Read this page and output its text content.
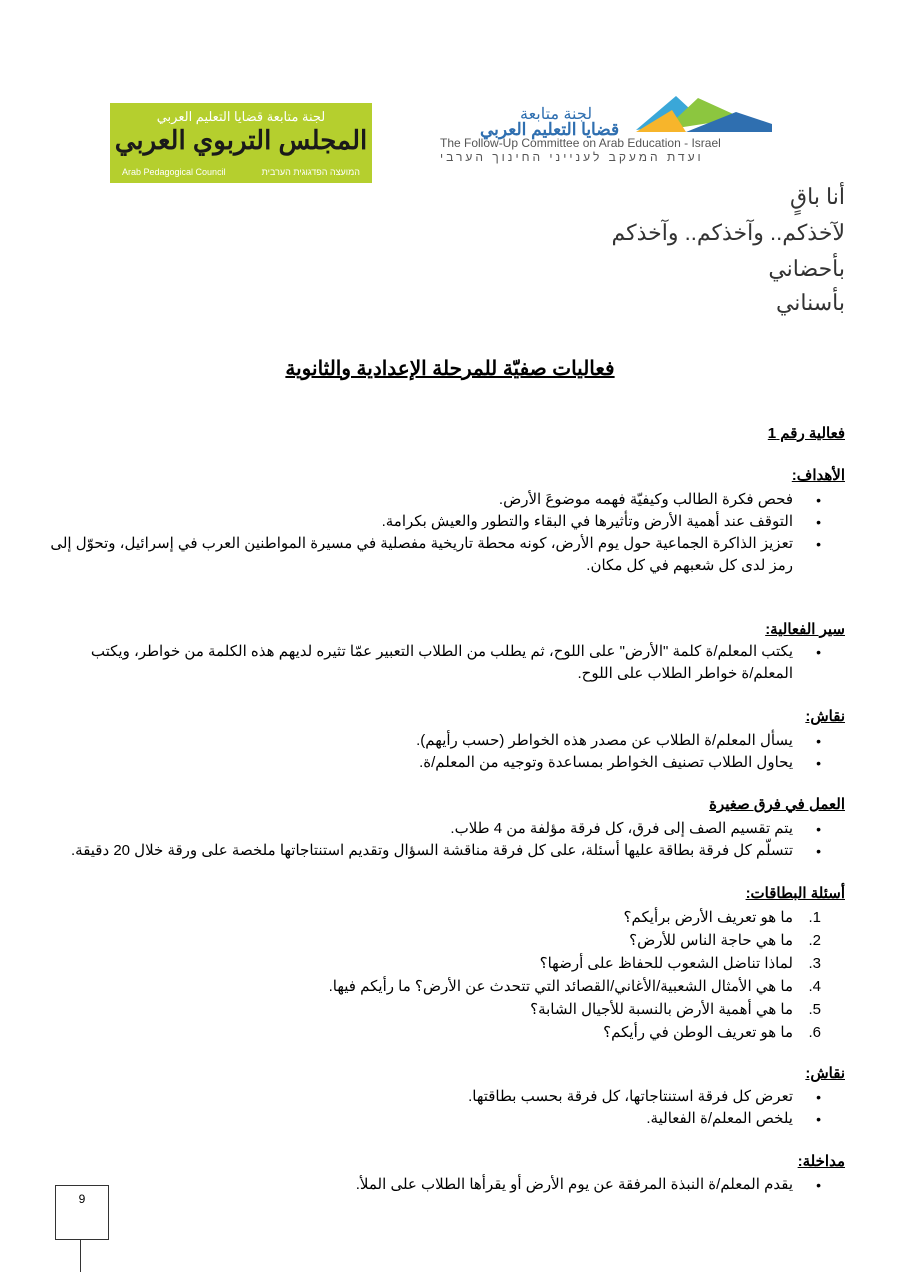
لجنة متابعة قضايا التعليم العربي
المجلس التربوي العربي
Arab Pedagogical Council	המועצה הפדגוגית הערבית
لجنة متابعة
قضايا التعليم العربي
The Follow-Up Committee on Arab Education - Israel
ועדת המעקב לענייני החינוך הערבי
أنا باقٍ
لآخذكم.. وآخذكم.. وآخذكم
بأحضاني
بأسناني
فعاليات صفيّة للمرحلة الإعدادية والثانوية
فعالية رقم 1
الأهداف:
• فحص فكرة الطالب وكيفيّة فهمه موضوعَ الأرض.
• التوقف عند أهمية الأرض وتأثيرها في البقاء والتطور والعيش بكرامة.
• تعزيز الذاكرة الجماعية حول يوم الأرض، كونه محطة تاريخية مفصلية في مسيرة المواطنين العرب في إسرائيل، وتحوّل إلى رمز لدى كل شعبهم في كل مكان.
سير الفعالية:
• يكتب المعلم/ة كلمة "الأرض" على اللوح، ثم يطلب من الطلاب التعبير عمّا تثيره لديهم هذه الكلمة من خواطر، ويكتب المعلم/ة خواطر الطلاب على اللوح.
نقاش:
• يسأل المعلم/ة الطلاب عن مصدر هذه الخواطر (حسب رأيهم).
• يحاول الطلاب تصنيف الخواطر بمساعدة وتوجيه من المعلم/ة.
العمل في فرق صغيرة
• يتم تقسيم الصف إلى فرق، كل فرقة مؤلفة من 4 طلاب.
• تتسلّم كل فرقة بطاقة عليها أسئلة، على كل فرقة مناقشة السؤال وتقديم استنتاجاتها ملخصة على ورقة خلال 20 دقيقة.
أسئلة البطاقات:
1.
ما هو تعريف الأرض برأيكم؟
2.
ما هي حاجة الناس للأرض؟
3.
لماذا تناضل الشعوب للحفاظ على أرضها؟
4.
ما هي الأمثال الشعبية/الأغاني/القصائد التي تتحدث عن الأرض؟ ما رأيكم فيها.
5.
ما هي أهمية الأرض بالنسبة للأجيال الشابة؟
6.
ما هو تعريف الوطن في رأيكم؟
نقاش:
• تعرض كل فرقة استنتاجاتها، كل فرقة بحسب بطاقتها.
• يلخص المعلم/ة الفعالية.
مداخلة:
• يقدم المعلم/ة النبذة المرفقة عن يوم الأرض أو يقرأها الطلاب على الملأ.
9
